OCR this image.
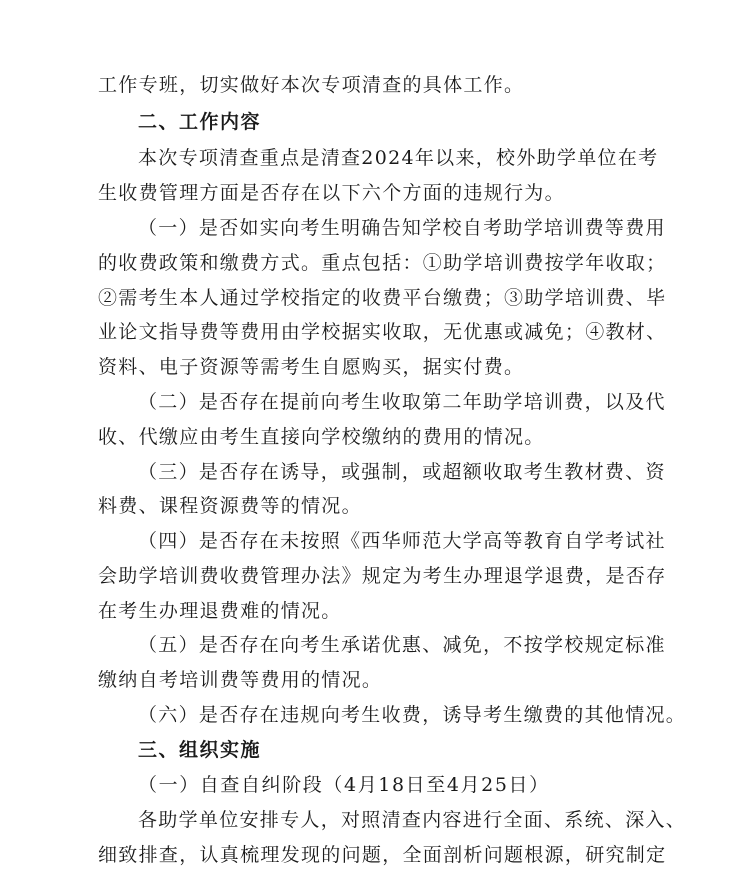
工作专班，切实做好本次专项清查的具体工作。
二、工作内容
本次专项清查重点是清查2024年以来，校外助学单位在考
生收费管理方面是否存在以下六个方面的违规行为。
（一）是否如实向考生明确告知学校自考助学培训费等费用
的收费政策和缴费方式。重点包括：①助学培训费按学年收取；
②需考生本人通过学校指定的收费平台缴费；③助学培训费、毕
业论文指导费等费用由学校据实收取，无优惠或减免；④教材、
资料、电子资源等需考生自愿购买，据实付费。
（二）是否存在提前向考生收取第二年助学培训费，以及代
收、代缴应由考生直接向学校缴纳的费用的情况。
（三）是否存在诱导，或强制，或超额收取考生教材费、资
料费、课程资源费等的情况。
（四）是否存在未按照《西华师范大学高等教育自学考试社
会助学培训费收费管理办法》规定为考生办理退学退费，是否存
在考生办理退费难的情况。
（五）是否存在向考生承诺优惠、减免，不按学校规定标准
缴纳自考培训费等费用的情况。
（六）是否存在违规向考生收费，诱导考生缴费的其他情况。
三、组织实施
（一）自查自纠阶段（4月18日至4月25日）
各助学单位安排专人，对照清查内容进行全面、系统、深入、
细致排查，认真梳理发现的问题，全面剖析问题根源，研究制定
